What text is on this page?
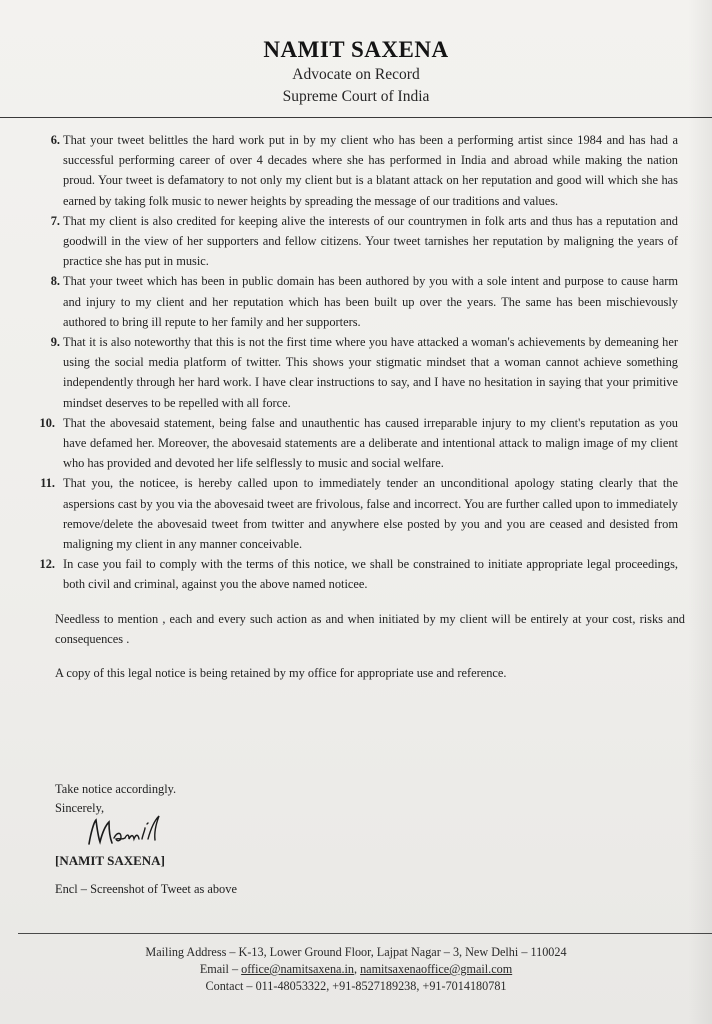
NAMIT SAXENA
Advocate on Record
Supreme Court of India
6. That your tweet belittles the hard work put in by my client who has been a performing artist since 1984 and has had a successful performing career of over 4 decades where she has performed in India and abroad while making the nation proud. Your tweet is defamatory to not only my client but is a blatant attack on her reputation and good will which she has earned by taking folk music to newer heights by spreading the message of our traditions and values.
7. That my client is also credited for keeping alive the interests of our countrymen in folk arts and thus has a reputation and goodwill in the view of her supporters and fellow citizens. Your tweet tarnishes her reputation by maligning the years of practice she has put in music.
8. That your tweet which has been in public domain has been authored by you with a sole intent and purpose to cause harm and injury to my client and her reputation which has been built up over the years. The same has been mischievously authored to bring ill repute to her family and her supporters.
9. That it is also noteworthy that this is not the first time where you have attacked a woman's achievements by demeaning her using the social media platform of twitter. This shows your stigmatic mindset that a woman cannot achieve something independently through her hard work. I have clear instructions to say, and I have no hesitation in saying that your primitive mindset deserves to be repelled with all force.
10. That the abovesaid statement, being false and unauthentic has caused irreparable injury to my client's reputation as you have defamed her. Moreover, the abovesaid statements are a deliberate and intentional attack to malign image of my client who has provided and devoted her life selflessly to music and social welfare.
11. That you, the noticee, is hereby called upon to immediately tender an unconditional apology stating clearly that the aspersions cast by you via the abovesaid tweet are frivolous, false and incorrect. You are further called upon to immediately remove/delete the abovesaid tweet from twitter and anywhere else posted by you and you are ceased and desisted from maligning my client in any manner conceivable.
12. In case you fail to comply with the terms of this notice, we shall be constrained to initiate appropriate legal proceedings, both civil and criminal, against you the above named noticee.
Needless to mention , each and every such action as and when initiated by my client will be entirely at your cost, risks and consequences .
A copy of this legal notice is being retained by my office for appropriate use and reference.
Take notice accordingly.
Sincerely,
[NAMIT SAXENA]
Encl – Screenshot of Tweet as above
Mailing Address – K-13, Lower Ground Floor, Lajpat Nagar – 3, New Delhi – 110024
Email – office@namitsaxena.in, namitsaxenaoffice@gmail.com
Contact – 011-48053322, +91-8527189238, +91-7014180781
